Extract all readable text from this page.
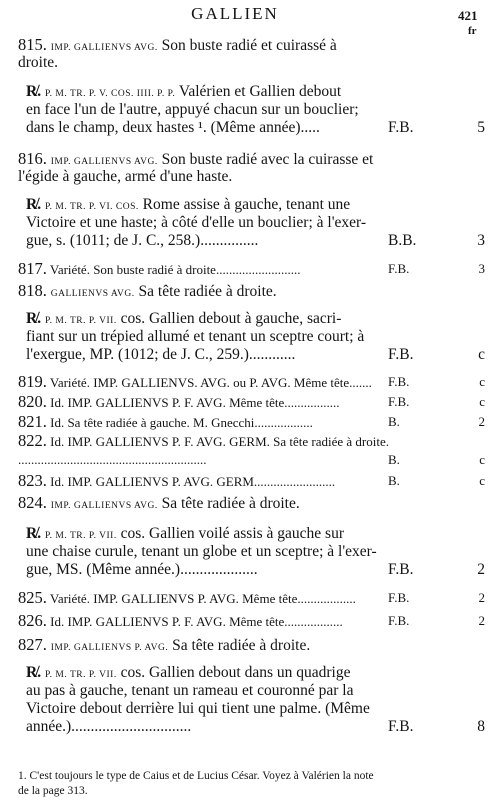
GALLIEN	421
fr
815. IMP. GALLIENVS AVG. Son buste radié et cuirassé à
droite.
R̸. P. M. TR. P. V. COS. IIII. P. P. Valérien et Gallien debout
en face l'un de l'autre, appuyé chacun sur un bouclier;
dans le champ, deux hastes ¹. (Même année).....	F.B.	5
816. IMP. GALLIENVS AVG. Son buste radié avec la cuirasse et
l'égide à gauche, armé d'une haste.
R̸. P. M. TR. P. VI. COS. Rome assise à gauche, tenant une
Victoire et une haste; à côté d'elle un bouclier; à l'exer-
gue, s. (1011; de J. C., 258.)...............	B.B.	3
817. Variété. Son buste radié à droite..........................	F.B.	3
818. GALLIENVS AVG. Sa tête radiée à droite.
R̸. P. M. TR. P. VII. cos. Gallien debout à gauche, sacri-
fiant sur un trépied allumé et tenant un sceptre court; à
l'exergue, MP. (1012; de J. C., 259.)............	F.B.	c
819. Variété. IMP. GALLIENVS. AVG. ou P. AVG. Même tête....... F.B.	c
820. Id. IMP. GALLIENVS P. F. AVG. Même tête.................	F.B.	c
821. Id. Sa tête radiée à gauche. M. Gnecchi..................	B.	2
822. Id. IMP. GALLIENVS P. F. AVG. GERM. Sa tête radiée à droite.
..........................................................	B.	c
823. Id. IMP. GALLIENVS P. AVG. GERM.........................	B.	c
824. IMP. GALLIENVS AVG. Sa tête radiée à droite.
R̸. P. M. TR. P. VII. cos. Gallien voilé assis à gauche sur
une chaise curule, tenant un globe et un sceptre; à l'exer-
gue, MS. (Même année.)....................	F.B.	2
825. Variété. IMP. GALLIENVS P. AVG. Même tête.................. F.B.	2
826. Id. IMP. GALLIENVS P. F. AVG. Même tête..................	F.B.	2
827. IMP. GALLIENVS P. AVG. Sa tête radiée à droite.
R̸. P. M. TR. P. VII. cos. Gallien debout dans un quadrige
au pas à gauche, tenant un rameau et couronné par la
Victoire debout derrière lui qui tient une palme. (Même
année.)...............................	F.B.	8
1. C'est toujours le type de Caius et de Lucius César. Voyez à Valérien la note
de la page 313.
